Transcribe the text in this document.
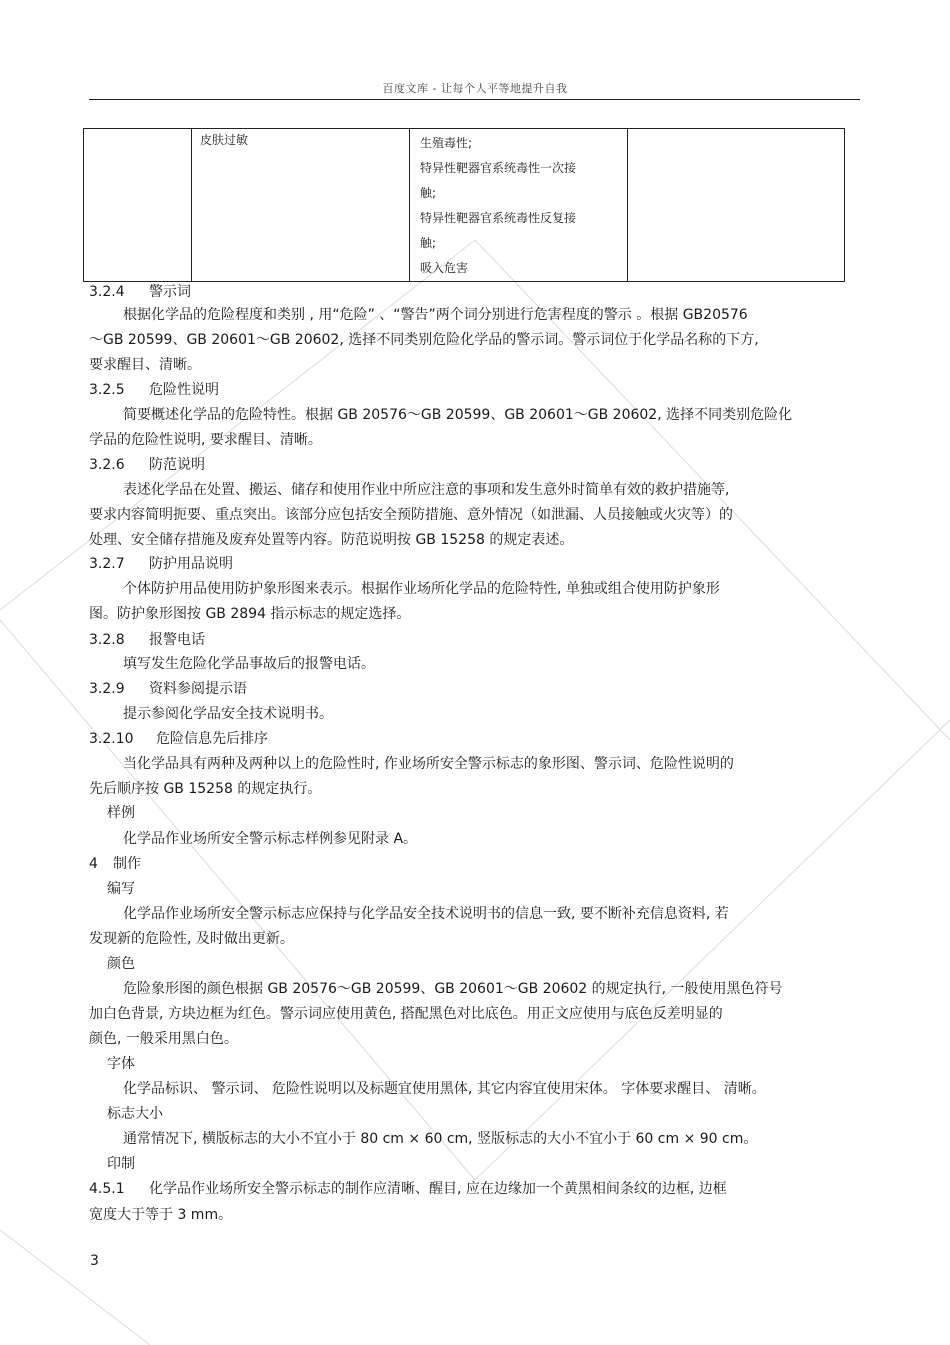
百度文库 - 让每个人平等地提升自我
	皮肤过敏	生殖毒性;
特异性靶器官系统毒性一次接
触;
特异性靶器官系统毒性反复接
触;
吸入危害

3.2.4 警示词
根据化学品的危险程度和类别 , 用“危险” 、“警告”两个词分别进行危害程度的警示 。根据 GB20576
～GB 20599、GB 20601～GB 20602, 选择不同类别危险化学品的警示词。警示词位于化学品名称的下方,
要求醒目、清晰。
3.2.5 危险性说明
简要概述化学品的危险特性。根据 GB 20576～GB 20599、GB 20601～GB 20602, 选择不同类别危险化
学品的危险性说明, 要求醒目、清晰。
3.2.6 防范说明
表述化学品在处置、搬运、储存和使用作业中所应注意的事项和发生意外时简单有效的救护措施等,
要求内容简明扼要、重点突出。该部分应包括安全预防措施、意外情况（如泄漏、人员接触或火灾等）的
处理、安全储存措施及废弃处置等内容。防范说明按 GB 15258 的规定表述。
3.2.7 防护用品说明
个体防护用品使用防护象形图来表示。根据作业场所化学品的危险特性, 单独或组合使用防护象形
图。防护象形图按 GB 2894 指示标志的规定选择。
3.2.8 报警电话
填写发生危险化学品事故后的报警电话。
3.2.9 资料参阅提示语
提示参阅化学品安全技术说明书。
3.2.10 危险信息先后排序
当化学品具有两种及两种以上的危险性时, 作业场所安全警示标志的象形图、警示词、危险性说明的
先后顺序按 GB 15258 的规定执行。
样例
化学品作业场所安全警示标志样例参见附录 A。
4 制作
编写
化学品作业场所安全警示标志应保持与化学品安全技术说明书的信息一致, 要不断补充信息资料, 若
发现新的危险性, 及时做出更新。
颜色
危险象形图的颜色根据 GB 20576～GB 20599、GB 20601～GB 20602 的规定执行, 一般使用黑色符号
加白色背景, 方块边框为红色。警示词应使用黄色, 搭配黑色对比底色。用正文应使用与底色反差明显的
颜色, 一般采用黑白色。
字体
化学品标识、 警示词、 危险性说明以及标题宜使用黑体, 其它内容宜使用宋体。 字体要求醒目、 清晰。
标志大小
通常情况下, 横版标志的大小不宜小于 80 cm × 60 cm, 竖版标志的大小不宜小于 60 cm × 90 cm。
印制
4.5.1 化学品作业场所安全警示标志的制作应清晰、醒目, 应在边缘加一个黄黑相间条纹的边框, 边框
宽度大于等于 3 mm。
3
